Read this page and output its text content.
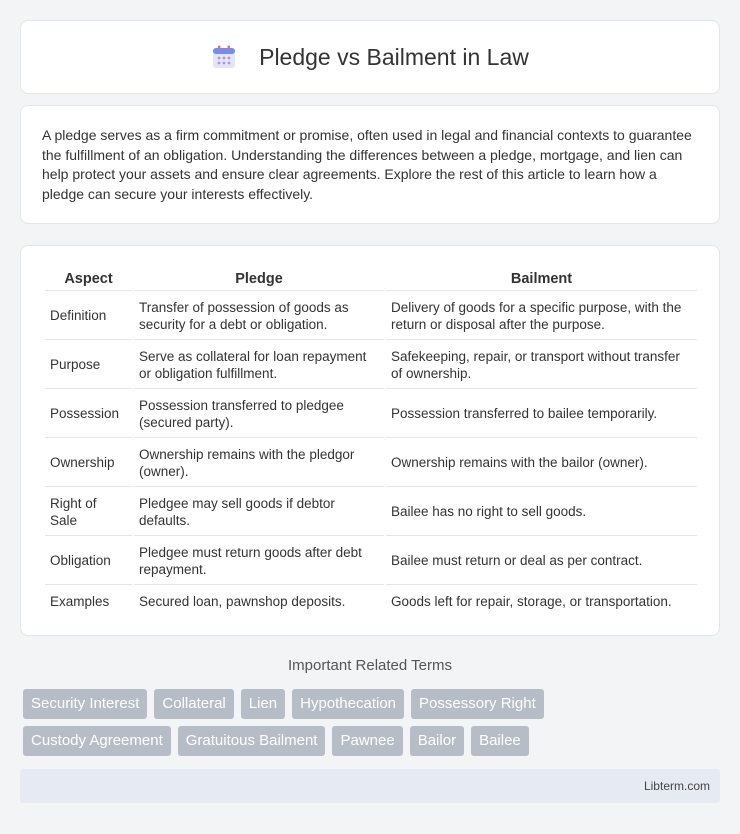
Pledge vs Bailment in Law

A pledge serves as a firm commitment or promise, often used in legal and financial contexts to guarantee the fulfillment of an obligation. Understanding the differences between a pledge, mortgage, and lien can help protect your assets and ensure clear agreements. Explore the rest of this article to learn how a pledge can secure your interests effectively.

Aspect	Pledge	Bailment
Definition	Transfer of possession of goods as security for a debt or obligation.	Delivery of goods for a specific purpose, with the return or disposal after the purpose.
Purpose	Serve as collateral for loan repayment or obligation fulfillment.	Safekeeping, repair, or transport without transfer of ownership.
Possession	Possession transferred to pledgee (secured party).	Possession transferred to bailee temporarily.
Ownership	Ownership remains with the pledgor (owner).	Ownership remains with the bailor (owner).
Right of Sale	Pledgee may sell goods if debtor defaults.	Bailee has no right to sell goods.
Obligation	Pledgee must return goods after debt repayment.	Bailee must return or deal as per contract.
Examples	Secured loan, pawnshop deposits.	Goods left for repair, storage, or transportation.
Important Related Terms
Security Interest	Collateral	Lien	Hypothecation	Possessory Right
Custody Agreement	Gratuitous Bailment	Pawnee	Bailor	Bailee
Libterm.com
